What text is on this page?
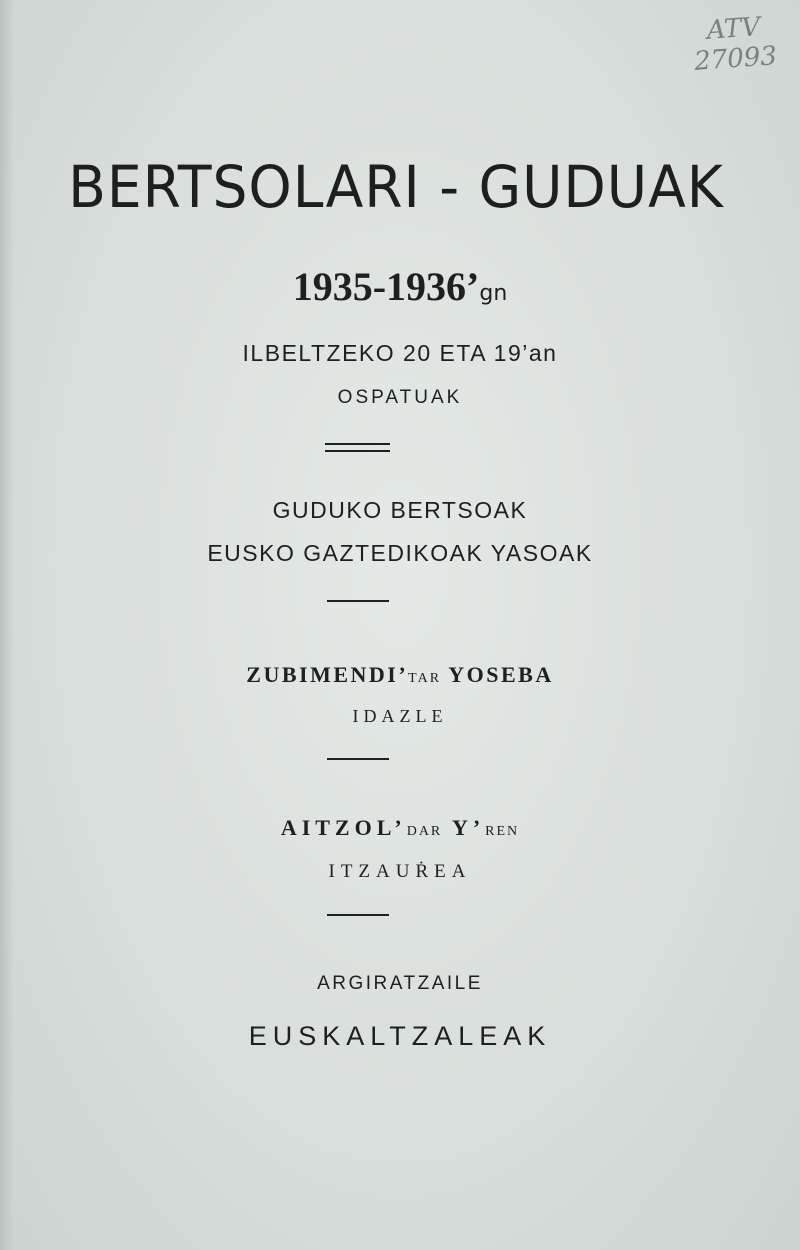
ATV
27093
BERTSOLARI - GUDUAK
1935-1936’gn
ILBELTZEKO 20 ETA 19’an
OSPATUAK
GUDUKO BERTSOAK
EUSKO GAZTEDIKOAK YASOAK
ZUBIMENDI’TAR YOSEBA
IDAZLE
AITZOL’DAR Y’REN
ITZAUṘEA
ARGIRATZAILE
EUSKALTZALEAK
